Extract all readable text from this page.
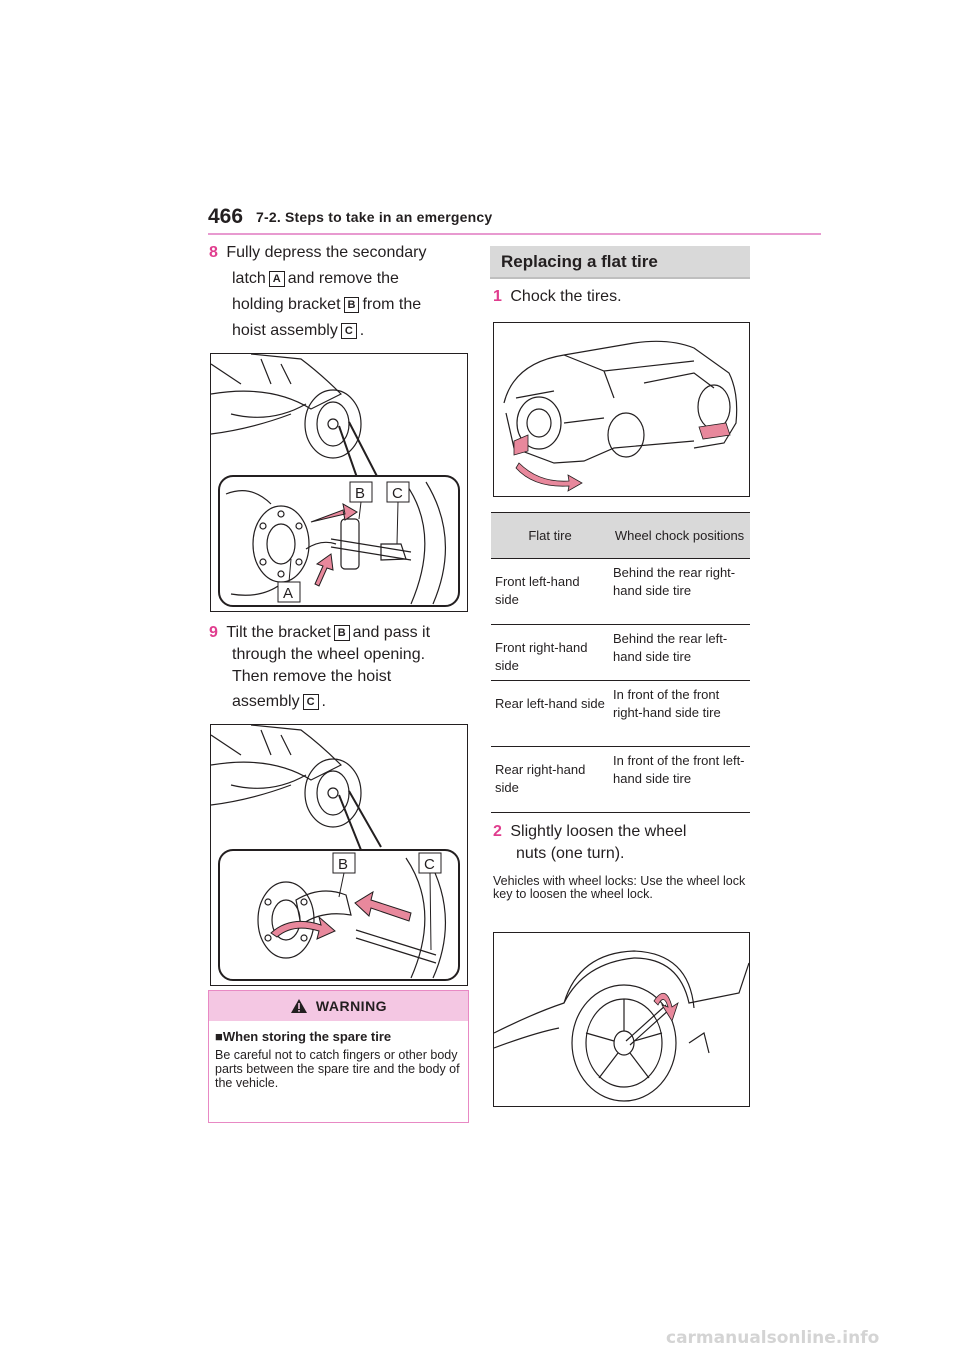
466 7-2. Steps to take in an emergency
8 Fully depress the secondary
latch A and remove the
holding bracket B from the
hoist assembly C .
B C
A
9 Tilt the bracket B and pass it
through the wheel opening.
Then remove the hoist
assembly C .
B	C
WARNING
■When storing the spare tire
Be careful not to catch fingers or other body parts between the spare tire and the body of the vehicle.
Replacing a flat tire
1 Chock the tires.
Flat tire	Wheel chock positions
Front left-hand side	Behind the rear right-hand side tire
Front right-hand side	Behind the rear left-hand side tire
Rear left-hand side	In front of the front right-hand side tire
Rear right-hand side	In front of the front left-hand side tire
2 Slightly loosen the wheel
nuts (one turn).
Vehicles with wheel locks: Use the wheel lock key to loosen the wheel lock.
carmanualsonline.info
